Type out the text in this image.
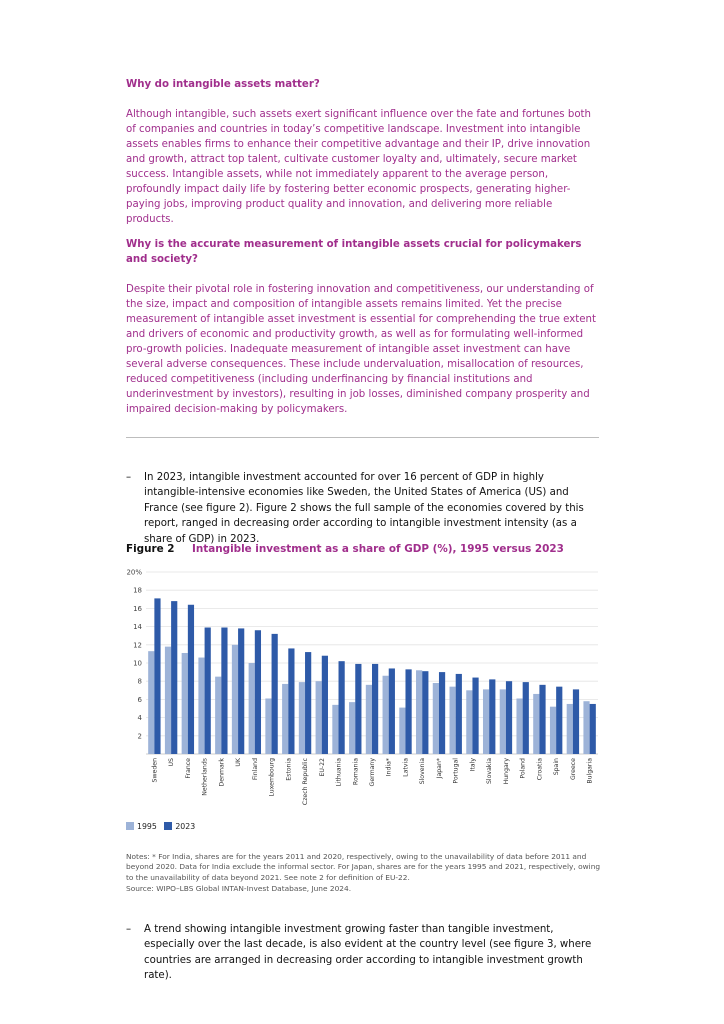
Why do intangible assets matter?
Although intangible, such assets exert significant influence over the fate and fortunes both of companies and countries in today’s competitive landscape. Investment into intangible assets enables firms to enhance their competitive advantage and their IP, drive innovation and growth, attract top talent, cultivate customer loyalty and, ultimately, secure market success. Intangible assets, while not immediately apparent to the average person, profoundly impact daily life by fostering better economic prospects, generating higher-paying jobs, improving product quality and innovation, and delivering more reliable products.
Why is the accurate measurement of intangible assets crucial for policymakers and society?
Despite their pivotal role in fostering innovation and competitiveness, our understanding of the size, impact and composition of intangible assets remains limited. Yet the precise measurement of intangible asset investment is essential for comprehending the true extent and drivers of economic and productivity growth, as well as for formulating well-informed pro-growth policies. Inadequate measurement of intangible asset investment can have several adverse consequences. These include undervaluation, misallocation of resources, reduced competitiveness (including underfinancing by financial institutions and underinvestment by investors), resulting in job losses, diminished company prosperity and impaired decision-making by policymakers.
– In 2023, intangible investment accounted for over 16 percent of GDP in highly intangible-intensive economies like Sweden, the United States of America (US) and France (see figure 2). Figure 2 shows the full sample of the economies covered by this report, ranged in decreasing order according to intangible investment intensity (as a share of GDP) in 2023.
Figure 2 Intangible investment as a share of GDP (%), 1995 versus 2023
2
4
6
8
10
12
14
16
18
20%
Sweden US France Netherlands Denmark UK Finland Luxembourg Estonia Czech Republic EU-22 Lithuania Romania Germany India* Latvia Slovenia Japan* Portugal Italy Slovakia Hungary Poland Croatia Spain Greece Bulgaria
1995 2023
Notes: * For India, shares are for the years 2011 and 2020, respectively, owing to the unavailability of data before 2011 and beyond 2020. Data for India exclude the informal sector. For Japan, shares are for the years 1995 and 2021, respectively, owing to the unavailability of data beyond 2021. See note 2 for definition of EU-22.
Source: WIPO–LBS Global INTAN-Invest Database, June 2024.
– A trend showing intangible investment growing faster than tangible investment, especially over the last decade, is also evident at the country level (see figure 3, where countries are arranged in decreasing order according to intangible investment growth rate).
